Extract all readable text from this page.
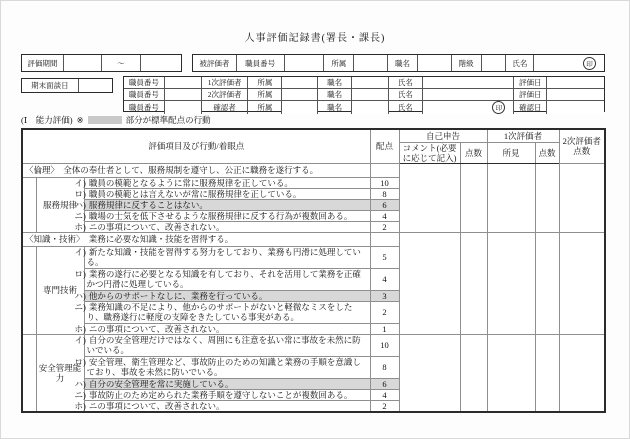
人事評価記録書(署長・課長)
評価期間	〜	被評価者	職員番号	所属	職名	階級	氏名	印
期末面談日	職員番号	1次評価者	所属	職名	氏名	評価日
職員番号	2次評価者	所属	職名	氏名	評価日
職員番号	確認者	所属	職名	氏名	印	確認日
(Ⅰ　能力評価) ※	部分が標準配点の行動
評価項目及び行動/着眼点			配点	自己申告		1次評価者		2次評価者点数
				コメント(必要に応じて記入)	点数	所見	点数	
〈倫理〉　全体の奉仕者として、服務規制を遵守し、公正に職務を遂行する。								
	服務規律	イ) 職員の模範となるように常に服務規律を正している。	10					
		ロ) 職員の模範とは言えないが常に服務規律を正している。	8					
		ハ) 服務規律に反することはない。	6					
		ニ) 職場の士気を低下させるような服務規律に反する行為が複数回ある。	4					
		ホ) ニの事項について、改善されない。	2					
〈知識・技術〉　業務に必要な知識・技能を習得する。								
	専門技術	イ) 新たな知識・技能を習得する努力をしており、業務も円滑に処理している。	5					
		ロ) 業務の遂行に必要となる知識を有しており、それを活用して業務を正確かつ円滑に処理している。	4					
		ハ) 他からのサポートなしに、業務を行っている。	3					
		ニ) 業務知識の不足により、他からのサポートがないと軽微なミスをしたり、職務遂行に軽度の支障をきたしている事実がある。	2					
		ホ) ニの事項について、改善されない。	1					
	安全管理能力	イ) 自分の安全管理だけではなく、周囲にも注意を払い常に事故を未然に防いでいる。	10					
		ロ) 安全管理、衛生管理など、事故防止のための知識と業務の手順を意識しており、事故を未然に防いでいる。	8					
		ハ) 自分の安全管理を常に実施している。	6					
		ニ) 事故防止のため定められた業務手順を遵守しないことが複数回ある。	4					
		ホ) ニの事項について、改善されない。	2					
